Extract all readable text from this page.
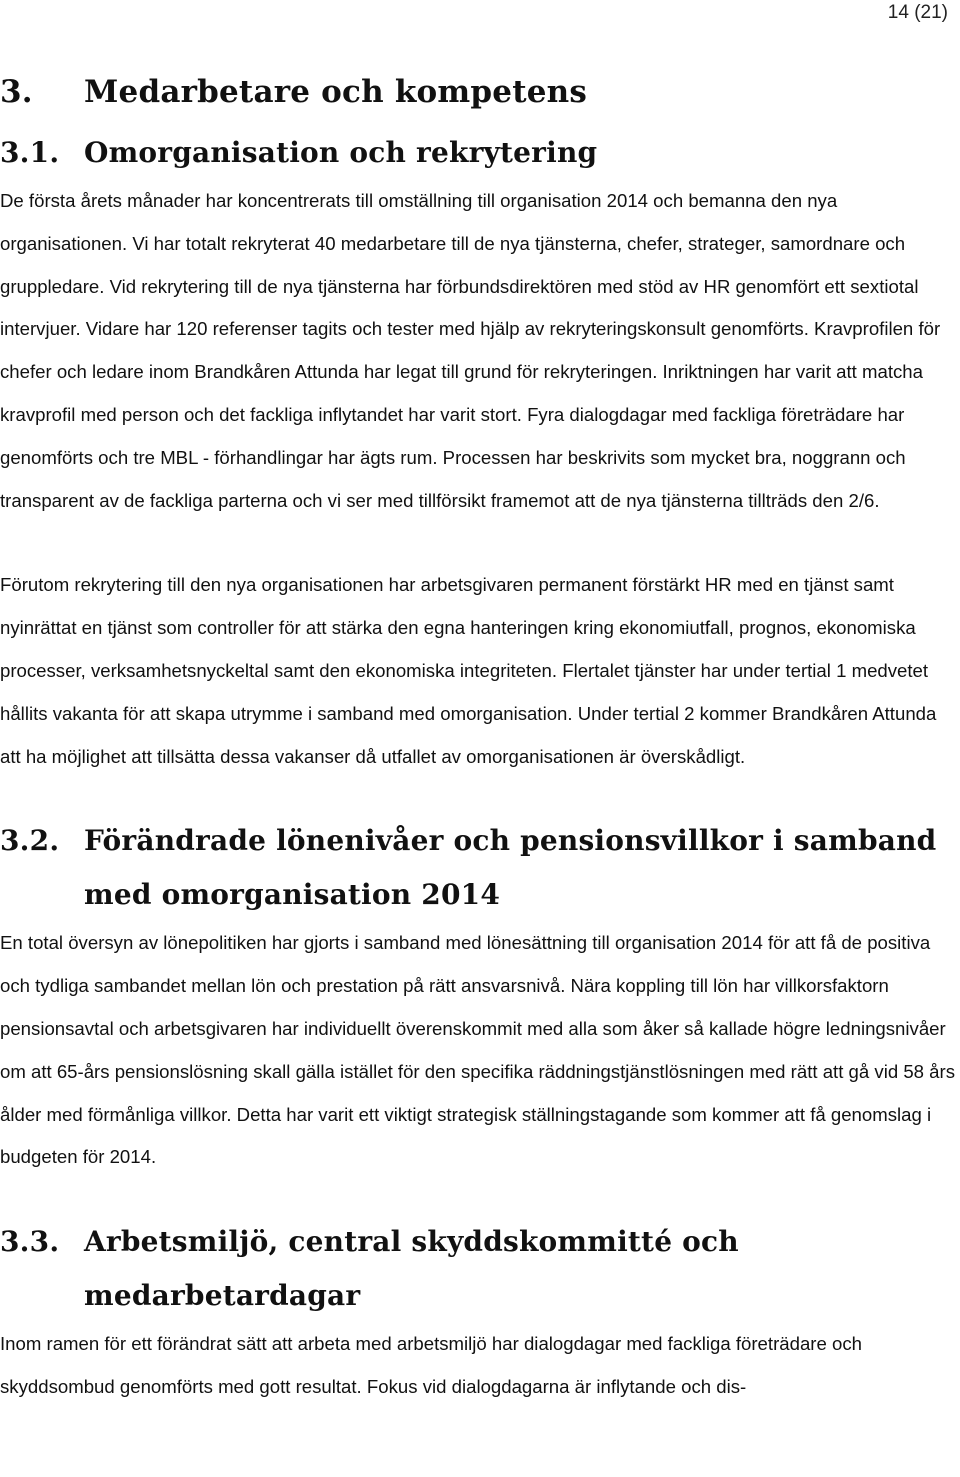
14 (21)
3.	Medarbetare och kompetens
3.1. Omorganisation och rekrytering

De första årets månader har koncentrerats till omställning till organisation 2014 och bemanna den nya organisationen. Vi har totalt rekryterat 40 medarbetare till de nya tjänsterna, chefer, strateger, samordnare och gruppledare. Vid rekrytering till de nya tjänsterna har förbundsdirektören med stöd av HR genomfört ett sextiotal intervjuer. Vidare har 120 referenser tagits och tester med hjälp av rekryteringskonsult genomförts. Kravprofilen för chefer och ledare inom Brandkåren Attunda har legat till grund för rekryteringen. Inriktningen har varit att matcha kravprofil med person och det fackliga inflytandet har varit stort. Fyra dialogdagar med fackliga företrädare har genomförts och tre MBL - förhandlingar har ägts rum. Processen har beskrivits som mycket bra, noggrann och transparent av de fackliga parterna och vi ser med tillförsikt framemot att de nya tjänsterna tillträds den 2/6.

Förutom rekrytering till den nya organisationen har arbetsgivaren permanent förstärkt HR med en tjänst samt nyinrättat en tjänst som controller för att stärka den egna hanteringen kring ekonomiutfall, prognos, ekonomiska processer, verksamhetsnyckeltal samt den ekonomiska integriteten. Flertalet tjänster har under tertial 1 medvetet hållits vakanta för att skapa utrymme i samband med omorganisation. Under tertial 2 kommer Brandkåren Attunda att ha möjlighet att tillsätta dessa vakanser då utfallet av omorganisationen är överskådligt.

3.2. Förändrade lönenivåer och pensionsvillkor i samband med omorganisation 2014

En total översyn av lönepolitiken har gjorts i samband med lönesättning till organisation 2014 för att få de positiva och tydliga sambandet mellan lön och prestation på rätt ansvarsnivå. Nära koppling till lön har villkorsfaktorn pensionsavtal och arbetsgivaren har individuellt överenskommit med alla som åker så kallade högre ledningsnivåer om att 65-års pensionslösning skall gälla istället för den specifika räddningstjänstlösningen med rätt att gå vid 58 års ålder med förmånliga villkor. Detta har varit ett viktigt strategisk ställningstagande som kommer att få genomslag i budgeten för 2014.

3.3. Arbetsmiljö, central skyddskommitté och medarbetardagar

Inom ramen för ett förändrat sätt att arbeta med arbetsmiljö har dialogdagar med fackliga företrädare och skyddsombud genomförts med gott resultat. Fokus vid dialogdagarna är inflytande och dis-
